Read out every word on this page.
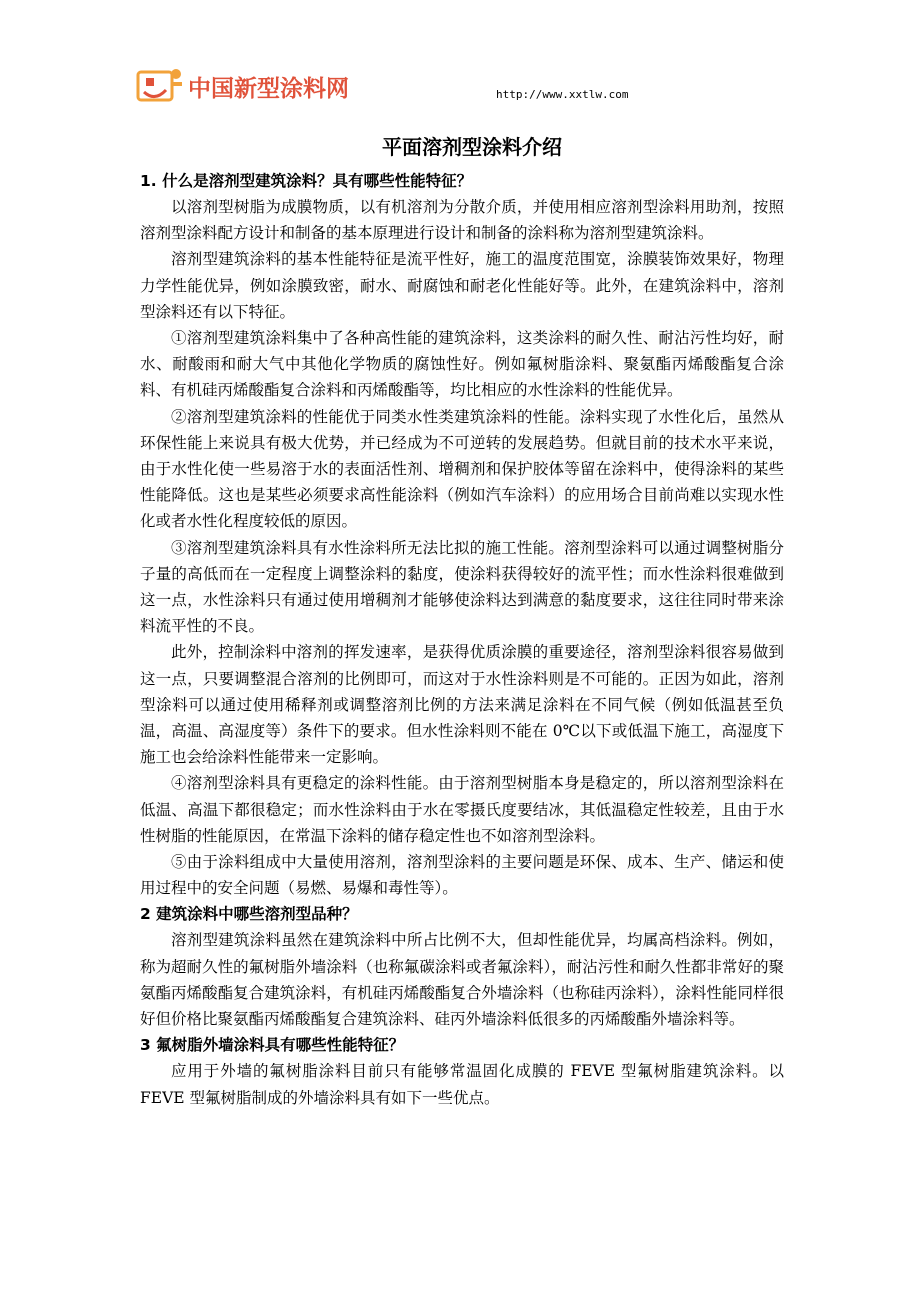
中国新型涂料网	http://www.xxtlw.com
平面溶剂型涂料介绍
1. 什么是溶剂型建筑涂料？具有哪些性能特征？

以溶剂型树脂为成膜物质，以有机溶剂为分散介质，并使用相应溶剂型涂料用助剂，按照溶剂型涂料配方设计和制备的基本原理进行设计和制备的涂料称为溶剂型建筑涂料。

溶剂型建筑涂料的基本性能特征是流平性好，施工的温度范围宽，涂膜装饰效果好，物理力学性能优异，例如涂膜致密，耐水、耐腐蚀和耐老化性能好等。此外，在建筑涂料中，溶剂型涂料还有以下特征。

①溶剂型建筑涂料集中了各种高性能的建筑涂料，这类涂料的耐久性、耐沾污性均好，耐水、耐酸雨和耐大气中其他化学物质的腐蚀性好。例如氟树脂涂料、聚氨酯丙烯酸酯复合涂料、有机硅丙烯酸酯复合涂料和丙烯酸酯等，均比相应的水性涂料的性能优异。

②溶剂型建筑涂料的性能优于同类水性类建筑涂料的性能。涂料实现了水性化后，虽然从环保性能上来说具有极大优势，并已经成为不可逆转的发展趋势。但就目前的技术水平来说，由于水性化使一些易溶于水的表面活性剂、增稠剂和保护胶体等留在涂料中，使得涂料的某些性能降低。这也是某些必须要求高性能涂料（例如汽车涂料）的应用场合目前尚难以实现水性化或者水性化程度较低的原因。

③溶剂型建筑涂料具有水性涂料所无法比拟的施工性能。溶剂型涂料可以通过调整树脂分子量的高低而在一定程度上调整涂料的黏度，使涂料获得较好的流平性；而水性涂料很难做到这一点，水性涂料只有通过使用增稠剂才能够使涂料达到满意的黏度要求，这往往同时带来涂料流平性的不良。

此外，控制涂料中溶剂的挥发速率，是获得优质涂膜的重要途径，溶剂型涂料很容易做到这一点，只要调整混合溶剂的比例即可，而这对于水性涂料则是不可能的。正因为如此，溶剂型涂料可以通过使用稀释剂或调整溶剂比例的方法来满足涂料在不同气候（例如低温甚至负温，高温、高湿度等）条件下的要求。但水性涂料则不能在 0℃以下或低温下施工，高湿度下施工也会给涂料性能带来一定影响。

④溶剂型涂料具有更稳定的涂料性能。由于溶剂型树脂本身是稳定的，所以溶剂型涂料在低温、高温下都很稳定；而水性涂料由于水在零摄氏度要结冰，其低温稳定性较差，且由于水性树脂的性能原因，在常温下涂料的储存稳定性也不如溶剂型涂料。

⑤由于涂料组成中大量使用溶剂，溶剂型涂料的主要问题是环保、成本、生产、储运和使用过程中的安全问题（易燃、易爆和毒性等）。

2 建筑涂料中哪些溶剂型品种？

溶剂型建筑涂料虽然在建筑涂料中所占比例不大，但却性能优异，均属高档涂料。例如，称为超耐久性的氟树脂外墙涂料（也称氟碳涂料或者氟涂料），耐沾污性和耐久性都非常好的聚氨酯丙烯酸酯复合建筑涂料，有机硅丙烯酸酯复合外墙涂料（也称硅丙涂料），涂料性能同样很好但价格比聚氨酯丙烯酸酯复合建筑涂料、硅丙外墙涂料低很多的丙烯酸酯外墙涂料等。

3 氟树脂外墙涂料具有哪些性能特征？

应用于外墙的氟树脂涂料目前只有能够常温固化成膜的 FEVE 型氟树脂建筑涂料。以 FEVE 型氟树脂制成的外墙涂料具有如下一些优点。
